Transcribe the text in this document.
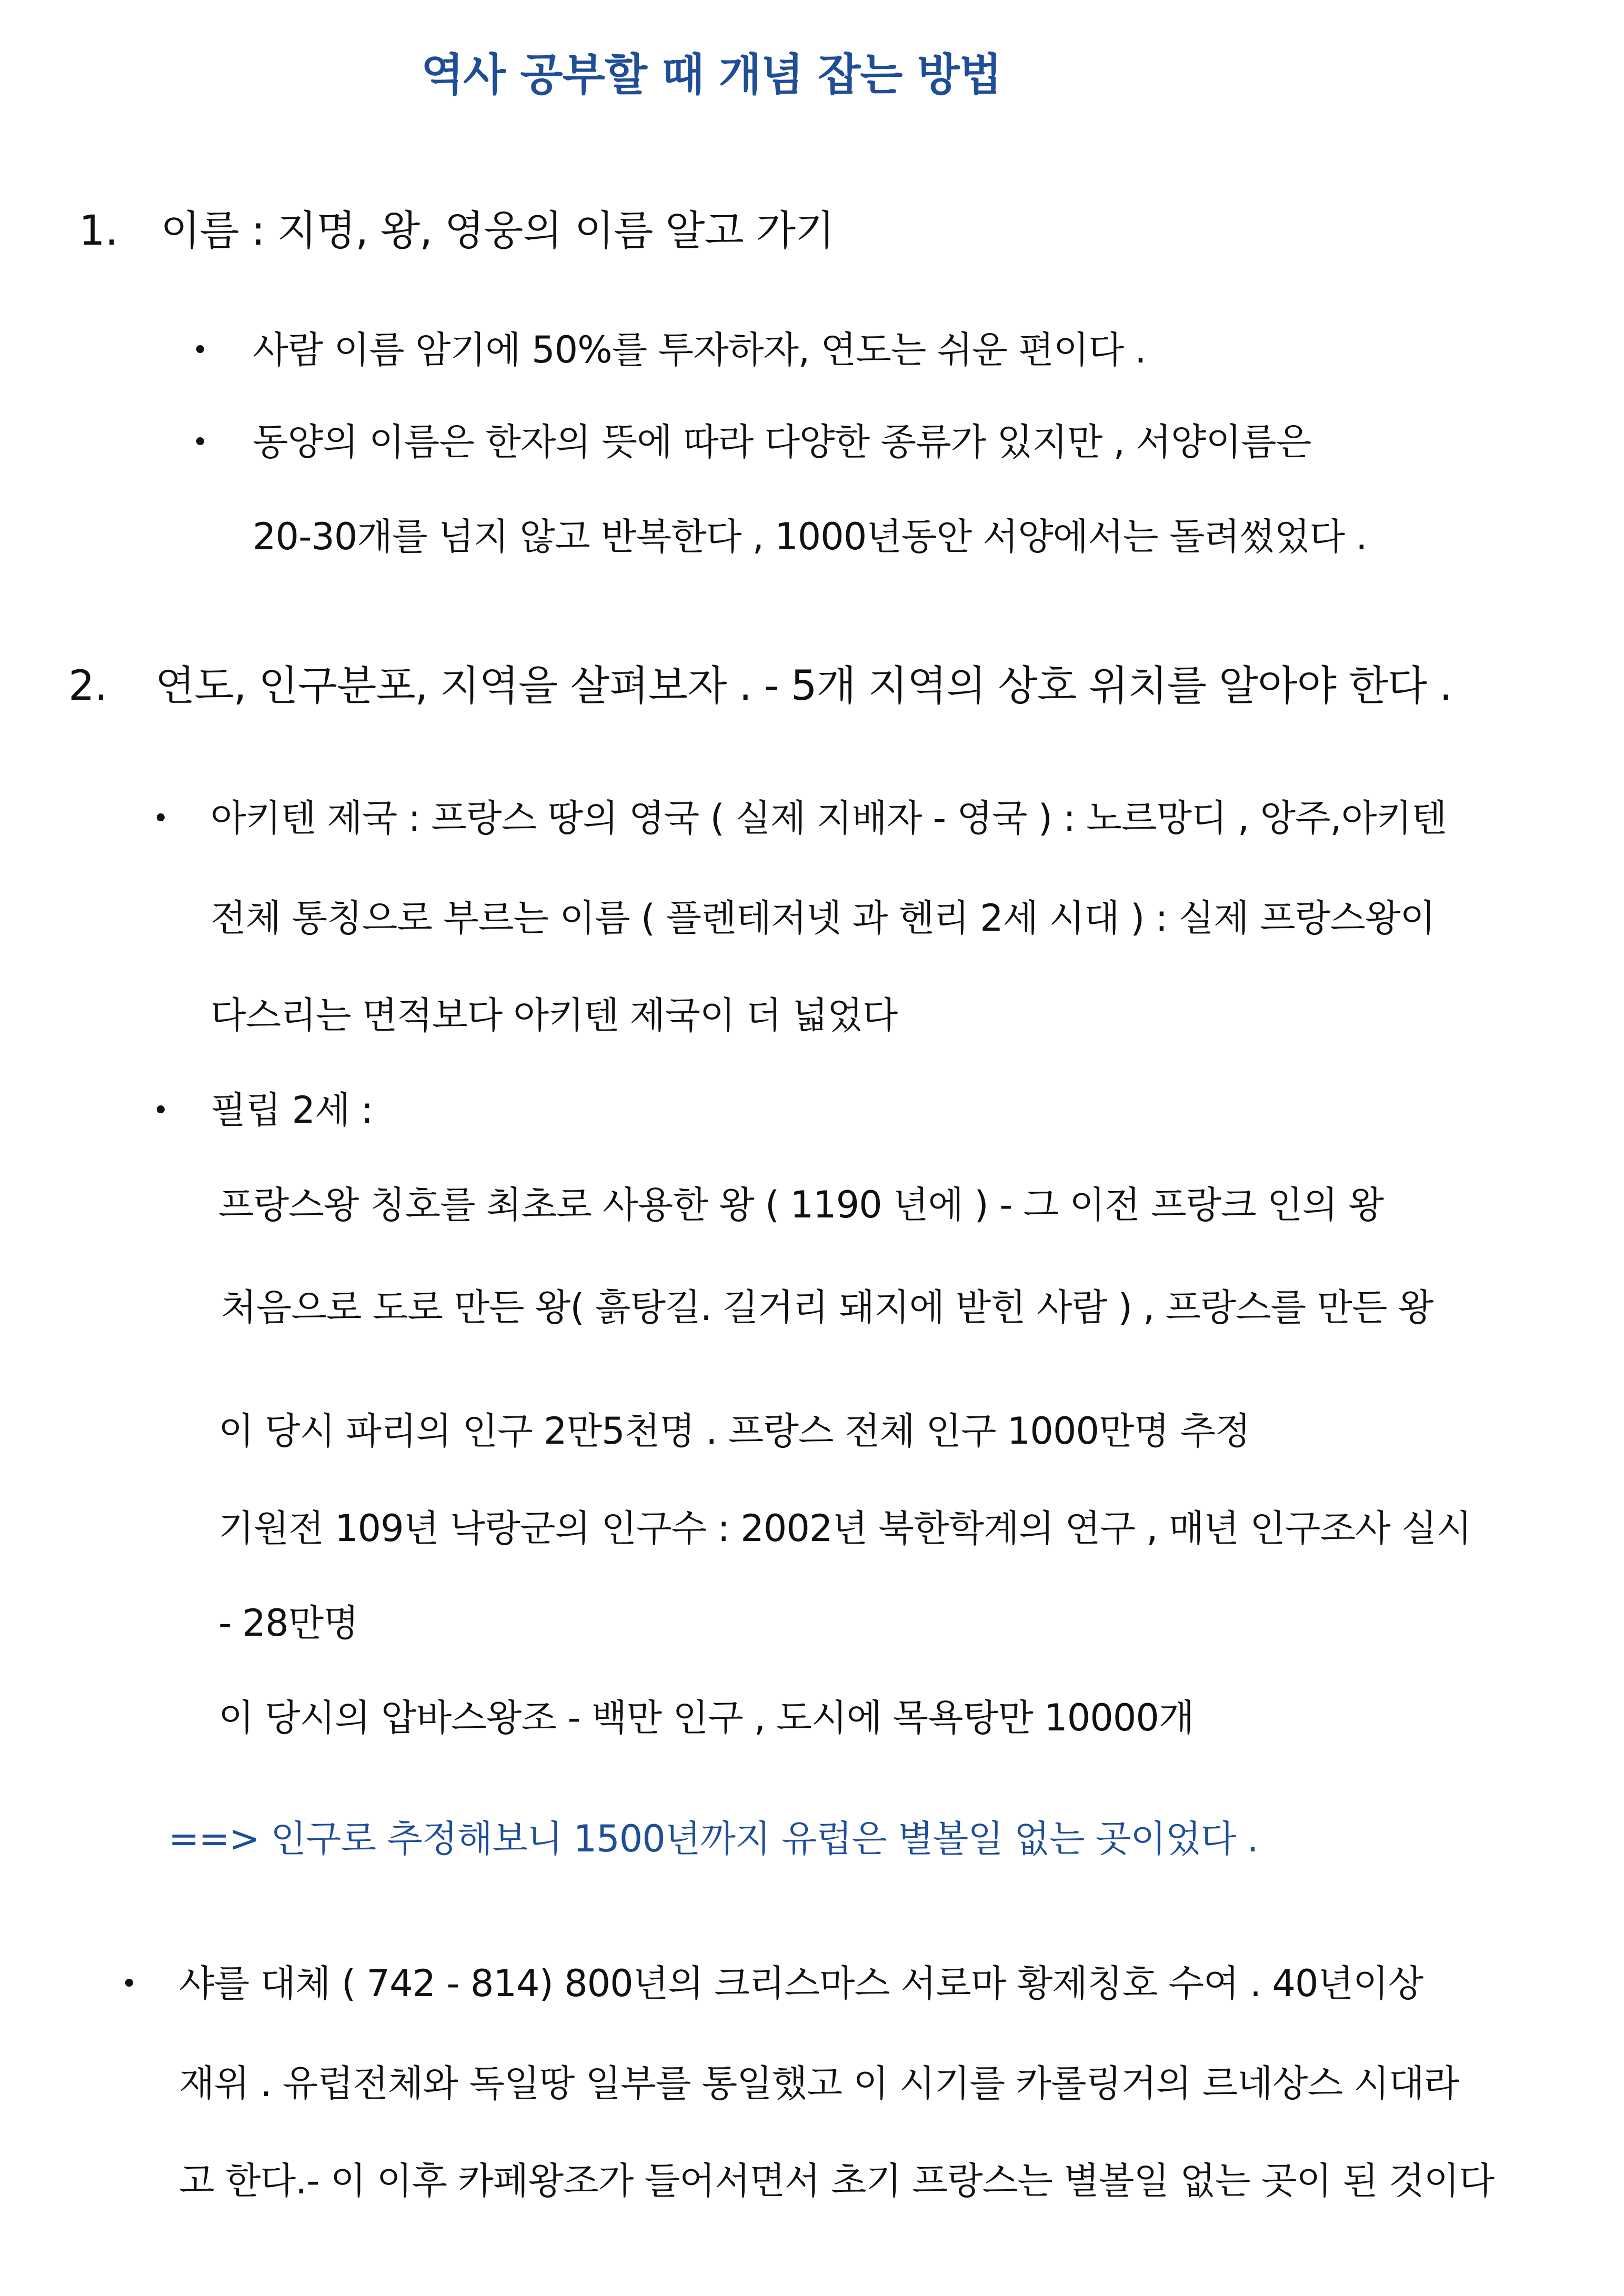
역사 공부할 때 개념 잡는 방법
1. 이름 : 지명, 왕, 영웅의 이름 알고 가기
• 사람 이름 암기에 50%를 투자하자, 연도는 쉬운 편이다 .
• 동양의 이름은 한자의 뜻에 따라 다양한 종류가 있지만 , 서양이름은
20-30개를 넘지 않고 반복한다 , 1000년동안 서양에서는 돌려썼었다 .
2. 연도, 인구분포, 지역을 살펴보자 . - 5개 지역의 상호 위치를 알아야 한다 .
• 아키텐 제국 : 프랑스 땅의 영국 ( 실제 지배자 - 영국 ) : 노르망디 , 앙주,아키텐
전체 통칭으로 부르는 이름 ( 플렌테저넷 과 헨리 2세 시대 ) : 실제 프랑스왕이
다스리는 면적보다 아키텐 제국이 더 넓었다
• 필립 2세 :
프랑스왕 칭호를 최초로 사용한 왕 ( 1190 년에 ) - 그 이전 프랑크 인의 왕
처음으로 도로 만든 왕( 흙탕길. 길거리 돼지에 받힌 사람 ) , 프랑스를 만든 왕
이 당시 파리의 인구 2만5천명 . 프랑스 전체 인구 1000만명 추정
기원전 109년 낙랑군의 인구수 : 2002년 북한학계의 연구 , 매년 인구조사 실시
- 28만명
이 당시의 압바스왕조 - 백만 인구 , 도시에 목욕탕만 10000개
==> 인구로 추정해보니 1500년까지 유럽은 별볼일 없는 곳이었다 .
• 샤를 대체 ( 742 - 814) 800년의 크리스마스 서로마 황제칭호 수여 . 40년이상
재위 . 유럽전체와 독일땅 일부를 통일했고 이 시기를 카롤링거의 르네상스 시대라
고 한다.- 이 이후 카페왕조가 들어서면서 초기 프랑스는 별볼일 없는 곳이 된 것이다
